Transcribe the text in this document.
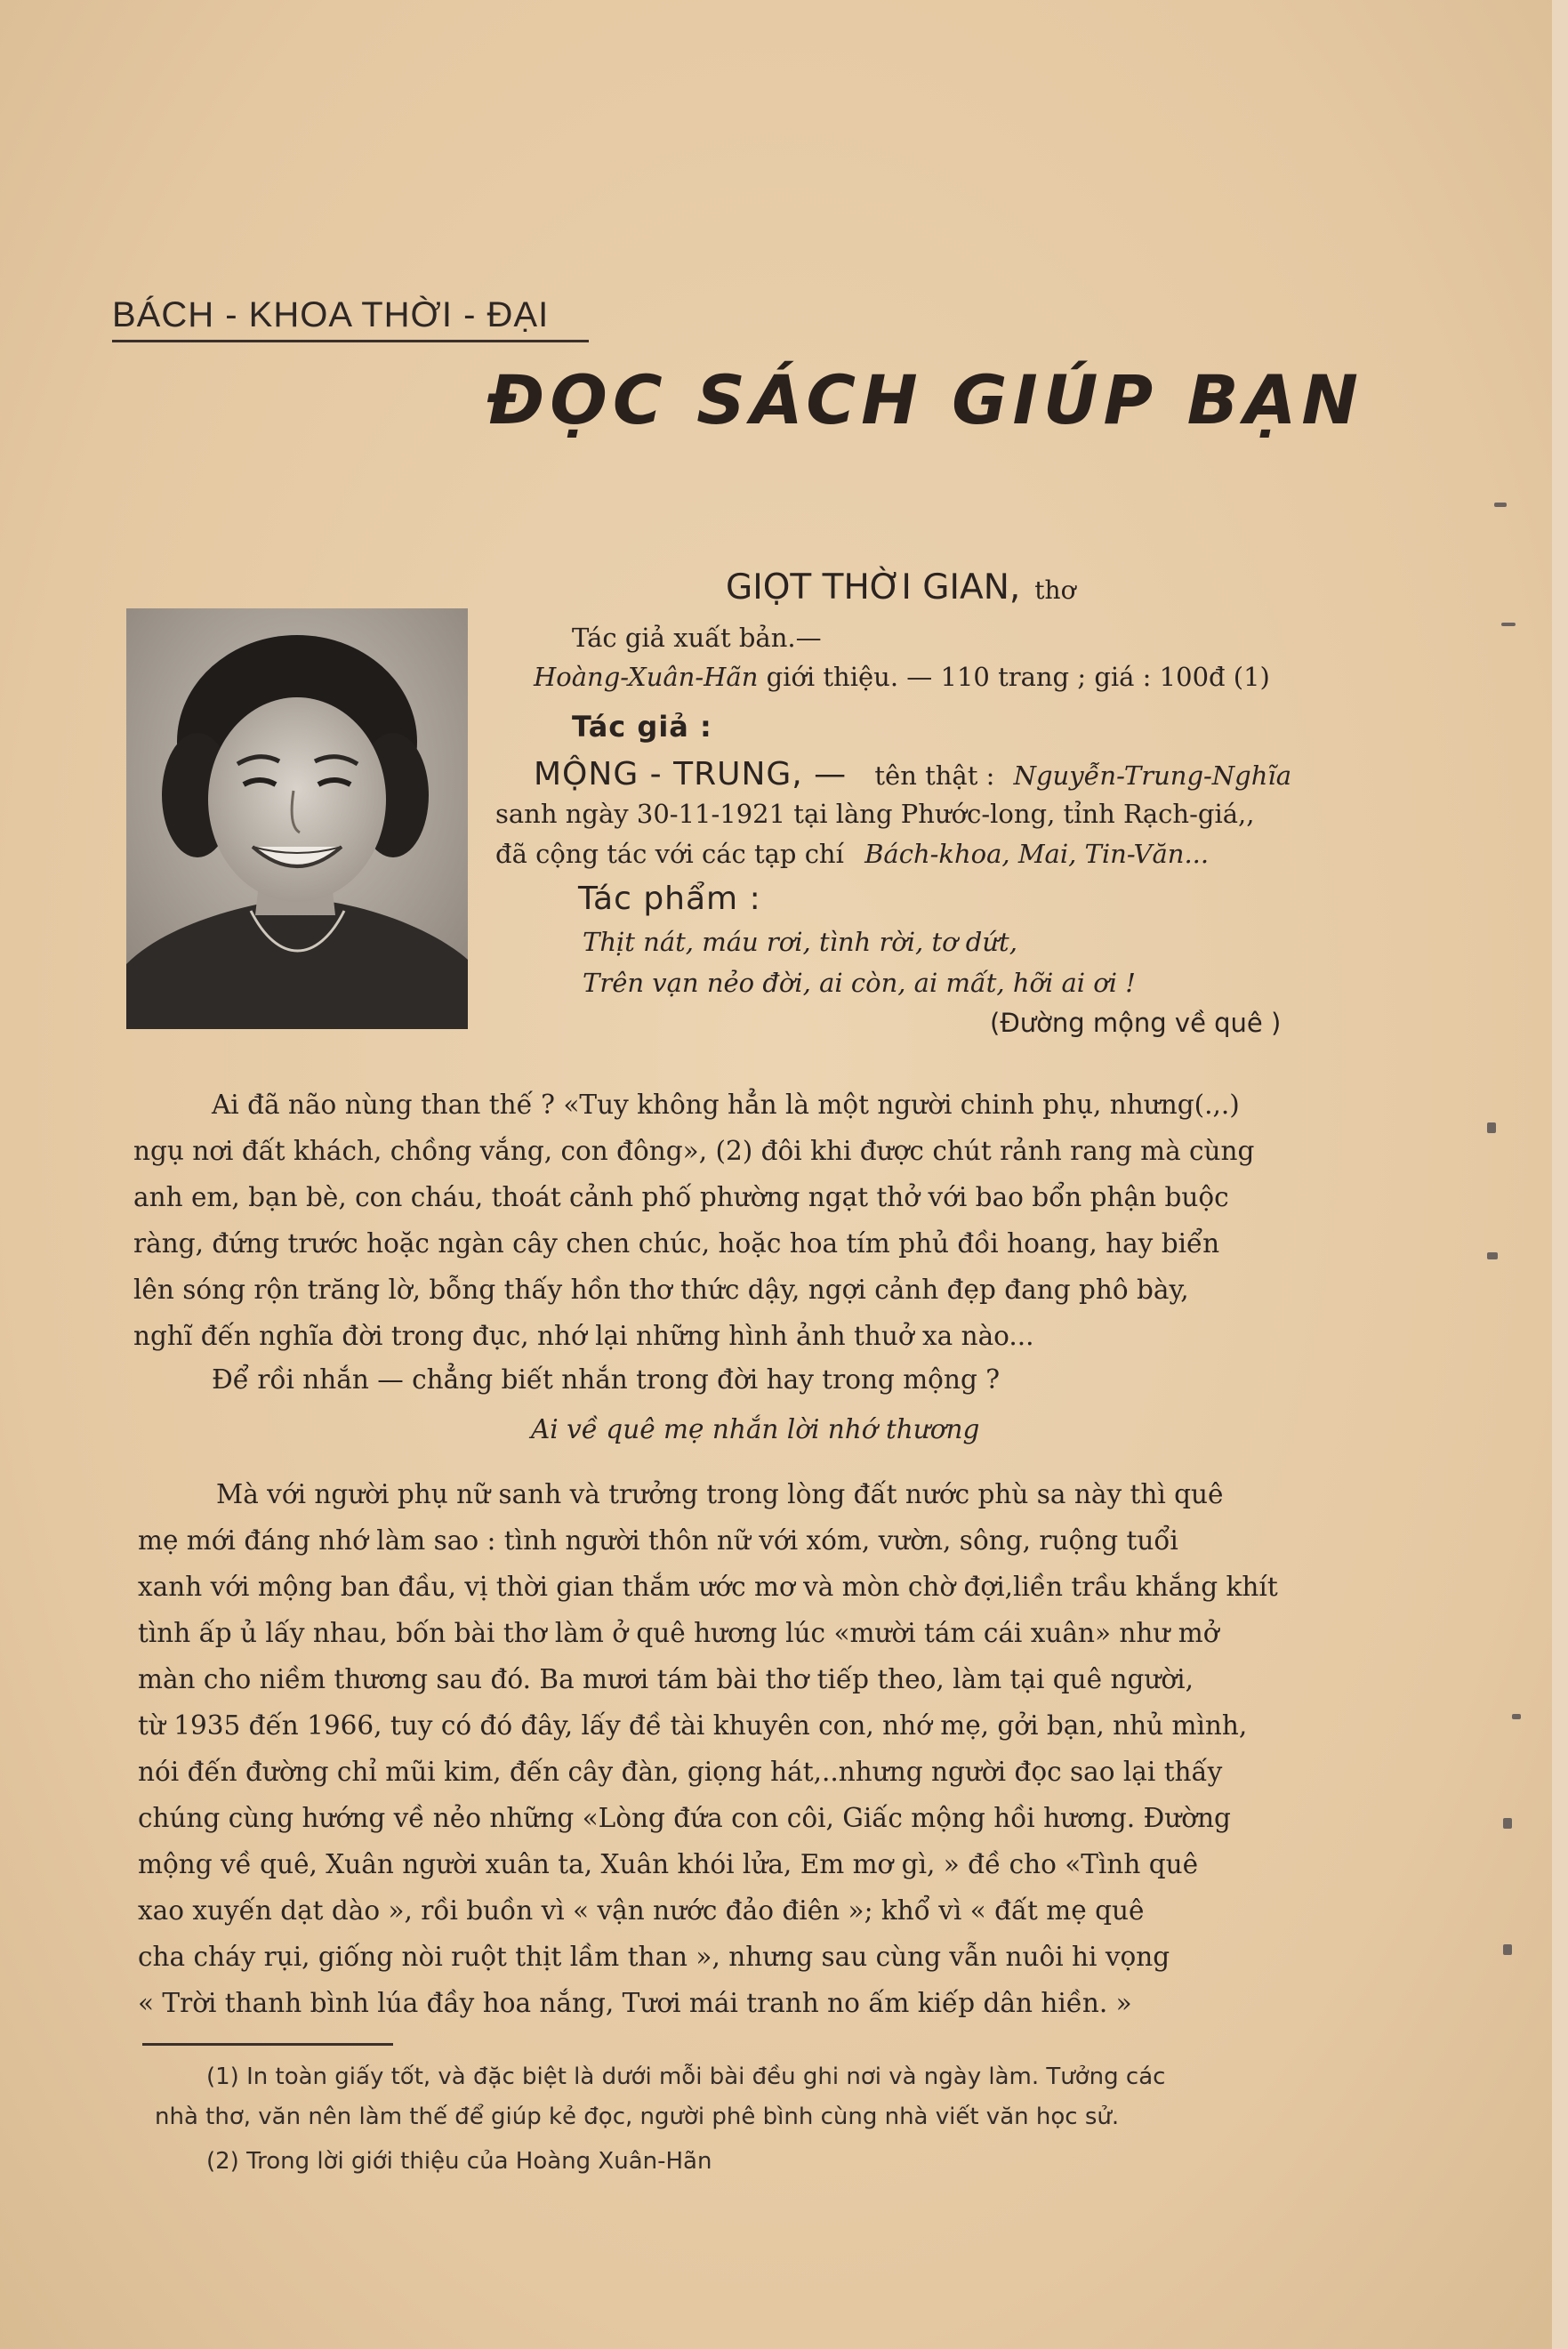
BÁCH - KHOA THỜI - ĐẠI
ĐỌC SÁCH GIÚP BẠN
GIỌT THỜI GIAN, thơ
Tác giả xuất bản.—
Hoàng-Xuân-Hãn giới thiệu. — 110 trang ; giá : 100đ (1)
Tác giả :
MỘNG - TRUNG, — tên thật : Nguyễn-Trung-Nghĩa
sanh ngày 30-11-1921 tại làng Phước-long, tỉnh Rạch-giá,,
đã cộng tác với các tạp chí Bách-khoa, Mai, Tin-Văn...
Tác phẩm :
Thịt nát, máu rơi, tình rời, tơ dứt,
Trên vạn nẻo đời, ai còn, ai mất, hỡi ai ơi !
(Đường mộng về quê )
Ai đã não nùng than thế ? «Tuy không hẳn là một người chinh phụ, nhưng(.,.)
ngụ nơi đất khách, chồng vắng, con đông», (2) đôi khi được chút rảnh rang mà cùng
anh em, bạn bè, con cháu, thoát cảnh phố phường ngạt thở với bao bổn phận buộc
ràng, đứng trước hoặc ngàn cây chen chúc, hoặc hoa tím phủ đồi hoang, hay biển
lên sóng rộn trăng lờ, bỗng thấy hồn thơ thức dậy, ngợi cảnh đẹp đang phô bày,
nghĩ đến nghĩa đời trong đục, nhớ lại những hình ảnh thuở xa nào...
Để rồi nhắn — chẳng biết nhắn trong đời hay trong mộng ?
Ai về quê mẹ nhắn lời nhớ thương
Mà với người phụ nữ sanh và trưởng trong lòng đất nước phù sa này thì quê
mẹ mới đáng nhớ làm sao : tình người thôn nữ với xóm, vườn, sông, ruộng tuổi
xanh với mộng ban đầu, vị thời gian thắm ước mơ và mòn chờ đợi,liền trầu khắng khít
tình ấp ủ lấy nhau, bốn bài thơ làm ở quê hương lúc «mười tám cái xuân» như mở
màn cho niềm thương sau đó. Ba mươi tám bài thơ tiếp theo, làm tại quê người,
từ 1935 đến 1966, tuy có đó đây, lấy đề tài khuyên con, nhớ mẹ, gởi bạn, nhủ mình,
nói đến đường chỉ mũi kim, đến cây đàn, giọng hát,..nhưng người đọc sao lại thấy
chúng cùng hướng về nẻo những «Lòng đứa con côi, Giấc mộng hồi hương. Đường
mộng về quê, Xuân người xuân ta, Xuân khói lửa, Em mơ gì, » đề cho «Tình quê
xao xuyến dạt dào », rồi buồn vì « vận nước đảo điên »; khổ vì « đất mẹ quê
cha cháy rụi, giống nòi ruột thịt lầm than », nhưng sau cùng vẫn nuôi hi vọng
« Trời thanh bình lúa đầy hoa nắng, Tươi mái tranh no ấm kiếp dân hiền. »
(1) In toàn giấy tốt, và đặc biệt là dưới mỗi bài đều ghi nơi và ngày làm. Tưởng các
nhà thơ, văn nên làm thế để giúp kẻ đọc, người phê bình cùng nhà viết văn học sử.
(2) Trong lời giới thiệu của Hoàng Xuân-Hãn
